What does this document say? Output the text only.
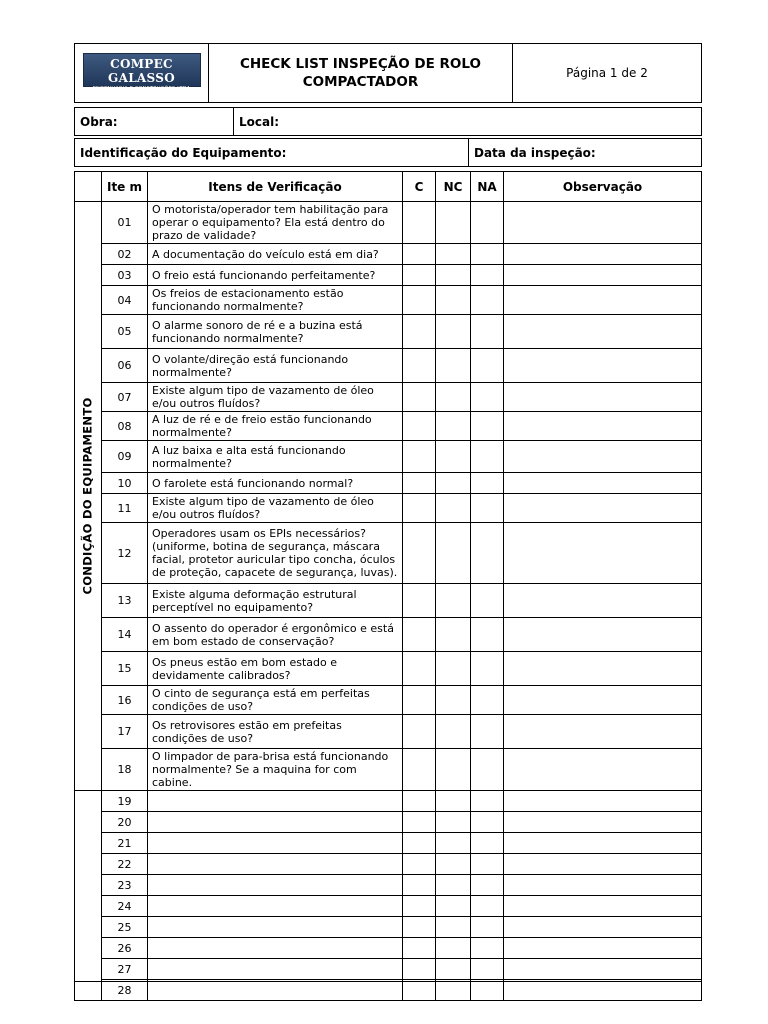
COMPEC GALASSO
ENGENHARIA E CONSTRUÇÕES LTDA

CHECK LIST INSPEÇÃO DE ROLO
COMPACTADOR
	Página 1 de 2
Obra:	Local:
Identificação do Equipamento:	Data da inspeção:
	Ite m	Itens de Verificação	C	NC	NA	Observação

CONDIÇÃO DO EQUIPAMENTO	01	O motorista/operador tem habilitação para operar o equipamento? Ela está dentro do prazo de validade?				
	02	A documentação do veículo está em dia?				
	03	O freio está funcionando perfeitamente?				
	04	Os freios de estacionamento estão funcionando normalmente?				
	05	O alarme sonoro de ré e a buzina está funcionando normalmente?				
	06	O volante/direção está funcionando normalmente?				
	07	Existe algum tipo de vazamento de óleo e/ou outros fluídos?				
	08	A luz de ré e de freio estão funcionando normalmente?				
	09	A luz baixa e alta está funcionando normalmente?				
	10	O farolete está funcionando normal?				
	11	Existe algum tipo de vazamento de óleo e/ou outros fluídos?				
	12	Operadores usam os EPIs necessários? (uniforme, botina de segurança, máscara facial, protetor auricular tipo concha, óculos de proteção, capacete de segurança, luvas).				
	13	Existe alguma deformação estrutural perceptível no equipamento?				
	14	O assento do operador é ergonômico e está em bom estado de conservação?				
	15	Os pneus estão em bom estado e devidamente calibrados?				
	16	O cinto de segurança está em perfeitas condições de uso?				
	17	Os retrovisores estão em prefeitas condições de uso?				
	18	O limpador de para-brisa está funcionando normalmente? Se a maquina for com cabine.				
	19					
	20					
	21					
	22					
	23					
	24					
	25					
	26					
	27					
	28					
